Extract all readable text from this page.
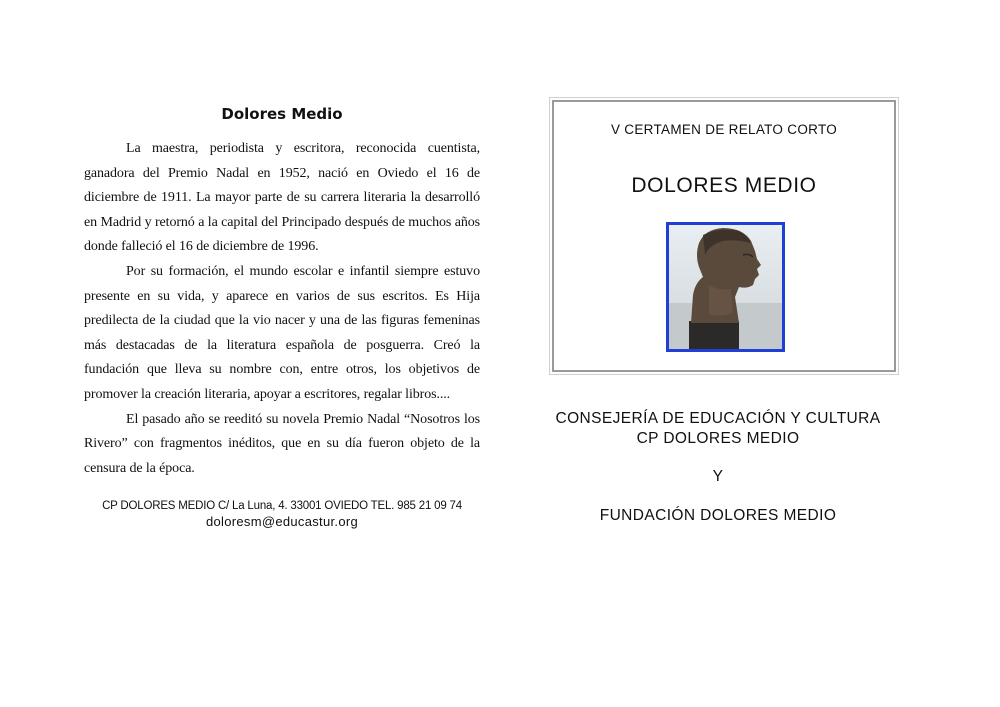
Dolores Medio

La maestra, periodista y escritora, reconocida cuentista, ganadora del Premio Nadal en 1952, nació en Oviedo el 16 de diciembre de 1911. La mayor parte de su carrera literaria la desarrolló en Madrid y retornó a la capital del Principado después de muchos años donde falleció el 16 de diciembre de 1996.

Por su formación, el mundo escolar e infantil siempre estuvo presente en su vida, y aparece en varios de sus escritos. Es Hija predilecta de la ciudad que la vio nacer y una de las figuras femeninas más destacadas de la literatura española de posguerra. Creó la fundación que lleva su nombre con, entre otros, los objetivos de promover la creación literaria, apoyar a escritores, regalar libros....

El pasado año se reeditó su novela Premio Nadal “Nosotros los Rivero” con fragmentos inéditos, que en su día fueron objeto de la censura de la época.

CP DOLORES MEDIO C/ La Luna, 4. 33001 OVIEDO TEL. 985 21 09 74
doloresm@educastur.org
V CERTAMEN DE RELATO CORTO
DOLORES MEDIO
CONSEJERÍA DE EDUCACIÓN Y CULTURA
CP DOLORES MEDIO
Y
FUNDACIÓN DOLORES MEDIO
